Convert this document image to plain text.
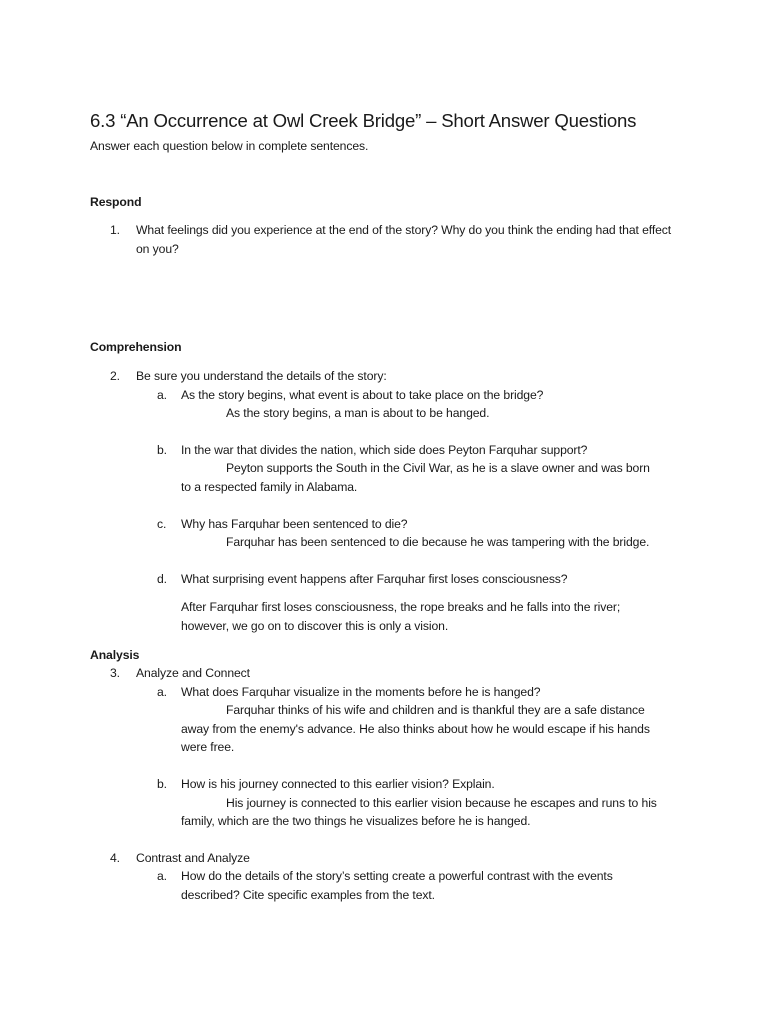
6.3 “An Occurrence at Owl Creek Bridge” – Short Answer Questions
Answer each question below in complete sentences.
Respond
1. What feelings did you experience at the end of the story? Why do you think the ending had that effect on you?
Comprehension
2. Be sure you understand the details of the story:
a. As the story begins, what event is about to take place on the bridge?
As the story begins, a man is about to be hanged.
b. In the war that divides the nation, which side does Peyton Farquhar support?
Peyton supports the South in the Civil War, as he is a slave owner and was born
to a respected family in Alabama.
c. Why has Farquhar been sentenced to die?
Farquhar has been sentenced to die because he was tampering with the bridge.
d. What surprising event happens after Farquhar first loses consciousness?
After Farquhar first loses consciousness, the rope breaks and he falls into the river;
however, we go on to discover this is only a vision.
Analysis
3. Analyze and Connect
a. What does Farquhar visualize in the moments before he is hanged?
Farquhar thinks of his wife and children and is thankful they are a safe distance
away from the enemy's advance. He also thinks about how he would escape if his hands
were free.
b. How is his journey connected to this earlier vision? Explain.
His journey is connected to this earlier vision because he escapes and runs to his
family, which are the two things he visualizes before he is hanged.
4. Contrast and Analyze
a. How do the details of the story’s setting create a powerful contrast with the events
described? Cite specific examples from the text.
